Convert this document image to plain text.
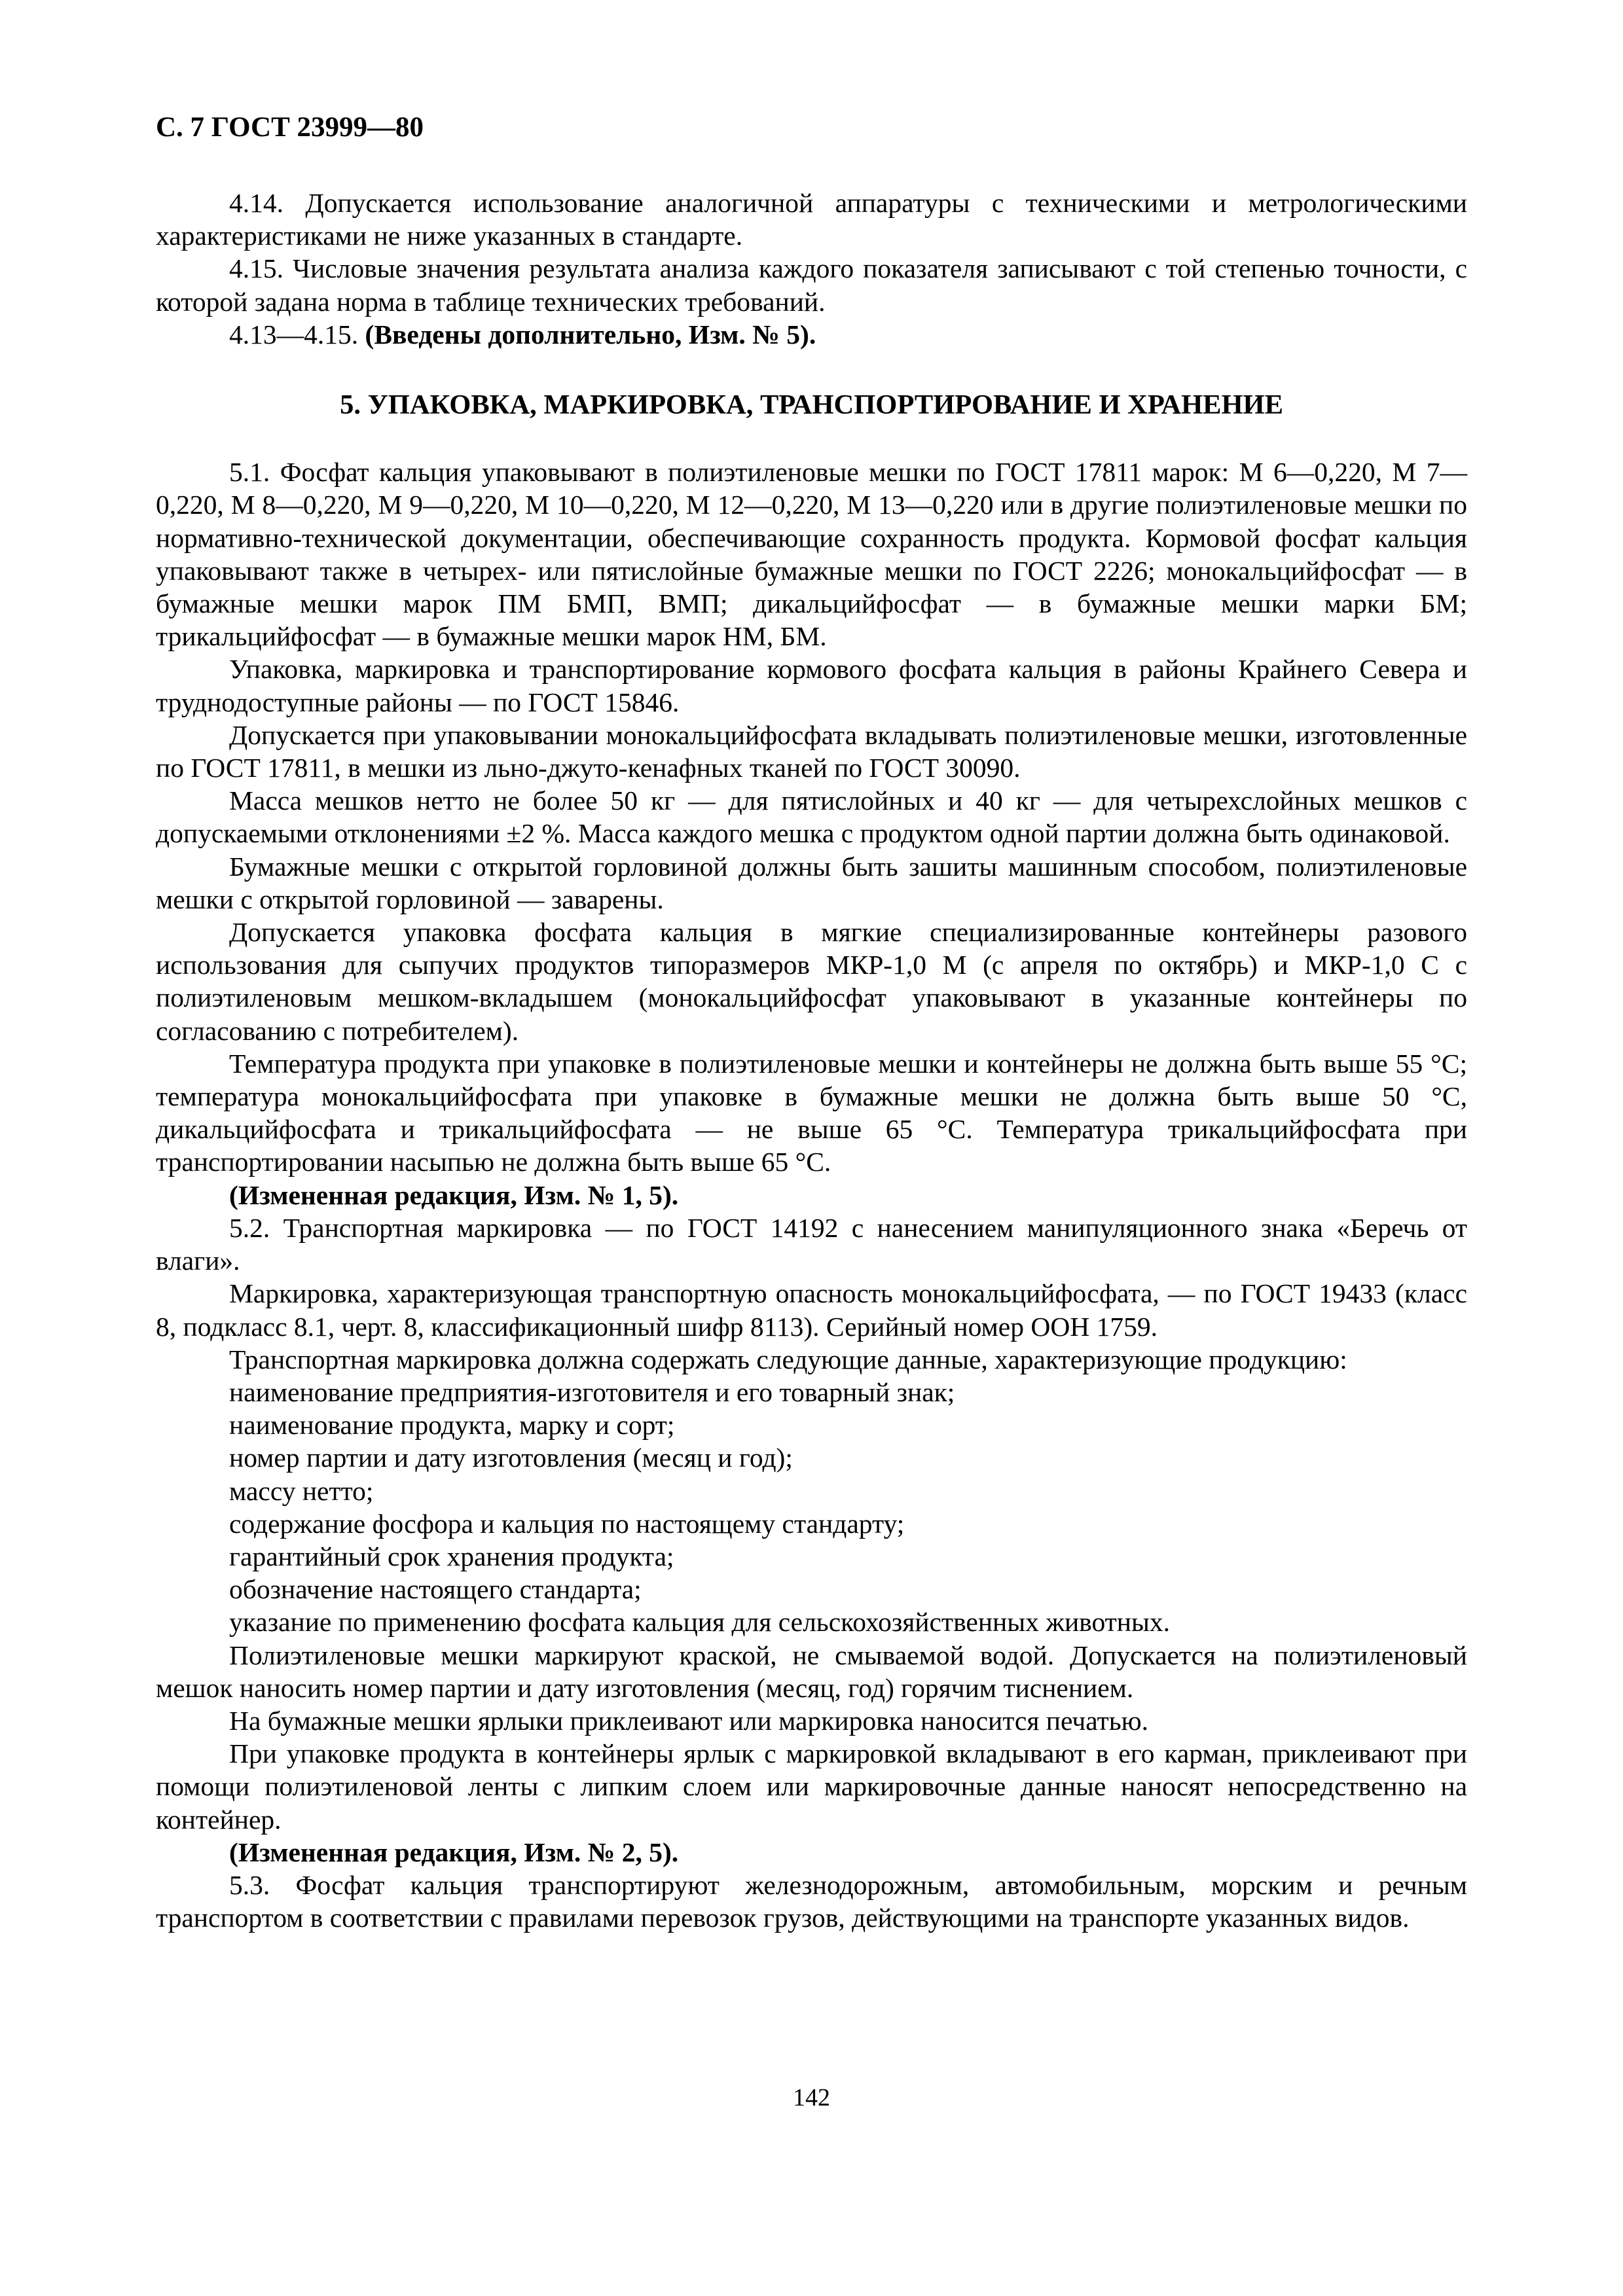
С. 7 ГОСТ 23999—80

4.14. Допускается использование аналогичной аппаратуры с техническими и метрологическими характеристиками не ниже указанных в стандарте.

4.15. Числовые значения результата анализа каждого показателя записывают с той степенью точности, с которой задана норма в таблице технических требований.

4.13—4.15. (Введены дополнительно, Изм. № 5).

5. УПАКОВКА, МАРКИРОВКА, ТРАНСПОРТИРОВАНИЕ И ХРАНЕНИЕ

5.1. Фосфат кальция упаковывают в полиэтиленовые мешки по ГОСТ 17811 марок: М 6—0,220, М 7—0,220, М 8—0,220, М 9—0,220, М 10—0,220, М 12—0,220, М 13—0,220 или в другие полиэтиленовые мешки по нормативно-технической документации, обеспечивающие сохранность продукта. Кормовой фосфат кальция упаковывают также в четырех- или пятислойные бумажные мешки по ГОСТ 2226; монокальцийфосфат — в бумажные мешки марок ПМ БМП, ВМП; дикальцийфосфат — в бумажные мешки марки БМ; трикальцийфосфат — в бумажные мешки марок НМ, БМ.

Упаковка, маркировка и транспортирование кормового фосфата кальция в районы Крайнего Севера и труднодоступные районы — по ГОСТ 15846.

Допускается при упаковывании монокальцийфосфата вкладывать полиэтиленовые мешки, изготовленные по ГОСТ 17811, в мешки из льно-джуто-кенафных тканей по ГОСТ 30090.

Масса мешков нетто не более 50 кг — для пятислойных и 40 кг — для четырехслойных мешков с допускаемыми отклонениями ±2 %. Масса каждого мешка с продуктом одной партии должна быть одинаковой.

Бумажные мешки с открытой горловиной должны быть зашиты машинным способом, полиэтиленовые мешки с открытой горловиной — заварены.

Допускается упаковка фосфата кальция в мягкие специализированные контейнеры разового использования для сыпучих продуктов типоразмеров МКР-1,0 М (с апреля по октябрь) и МКР-1,0 С с полиэтиленовым мешком-вкладышем (монокальцийфосфат упаковывают в указанные контейнеры по согласованию с потребителем).

Температура продукта при упаковке в полиэтиленовые мешки и контейнеры не должна быть выше 55 °С; температура монокальцийфосфата при упаковке в бумажные мешки не должна быть выше 50 °С, дикальцийфосфата и трикальцийфосфата — не выше 65 °С. Температура трикальцийфосфата при транспортировании насыпью не должна быть выше 65 °С.

(Измененная редакция, Изм. № 1, 5).

5.2. Транспортная маркировка — по ГОСТ 14192 с нанесением манипуляционного знака «Беречь от влаги».

Маркировка, характеризующая транспортную опасность монокальцийфосфата, — по ГОСТ 19433 (класс 8, подкласс 8.1, черт. 8, классификационный шифр 8113). Серийный номер ООН 1759.

Транспортная маркировка должна содержать следующие данные, характеризующие продукцию:

наименование предприятия-изготовителя и его товарный знак;

наименование продукта, марку и сорт;

номер партии и дату изготовления (месяц и год);

массу нетто;

содержание фосфора и кальция по настоящему стандарту;

гарантийный срок хранения продукта;

обозначение настоящего стандарта;

указание по применению фосфата кальция для сельскохозяйственных животных.

Полиэтиленовые мешки маркируют краской, не смываемой водой. Допускается на полиэтиленовый мешок наносить номер партии и дату изготовления (месяц, год) горячим тиснением.

На бумажные мешки ярлыки приклеивают или маркировка наносится печатью.

При упаковке продукта в контейнеры ярлык с маркировкой вкладывают в его карман, приклеивают при помощи полиэтиленовой ленты с липким слоем или маркировочные данные наносят непосредственно на контейнер.

(Измененная редакция, Изм. № 2, 5).

5.3. Фосфат кальция транспортируют железнодорожным, автомобильным, морским и речным транспортом в соответствии с правилами перевозок грузов, действующими на транспорте указанных видов.

142
